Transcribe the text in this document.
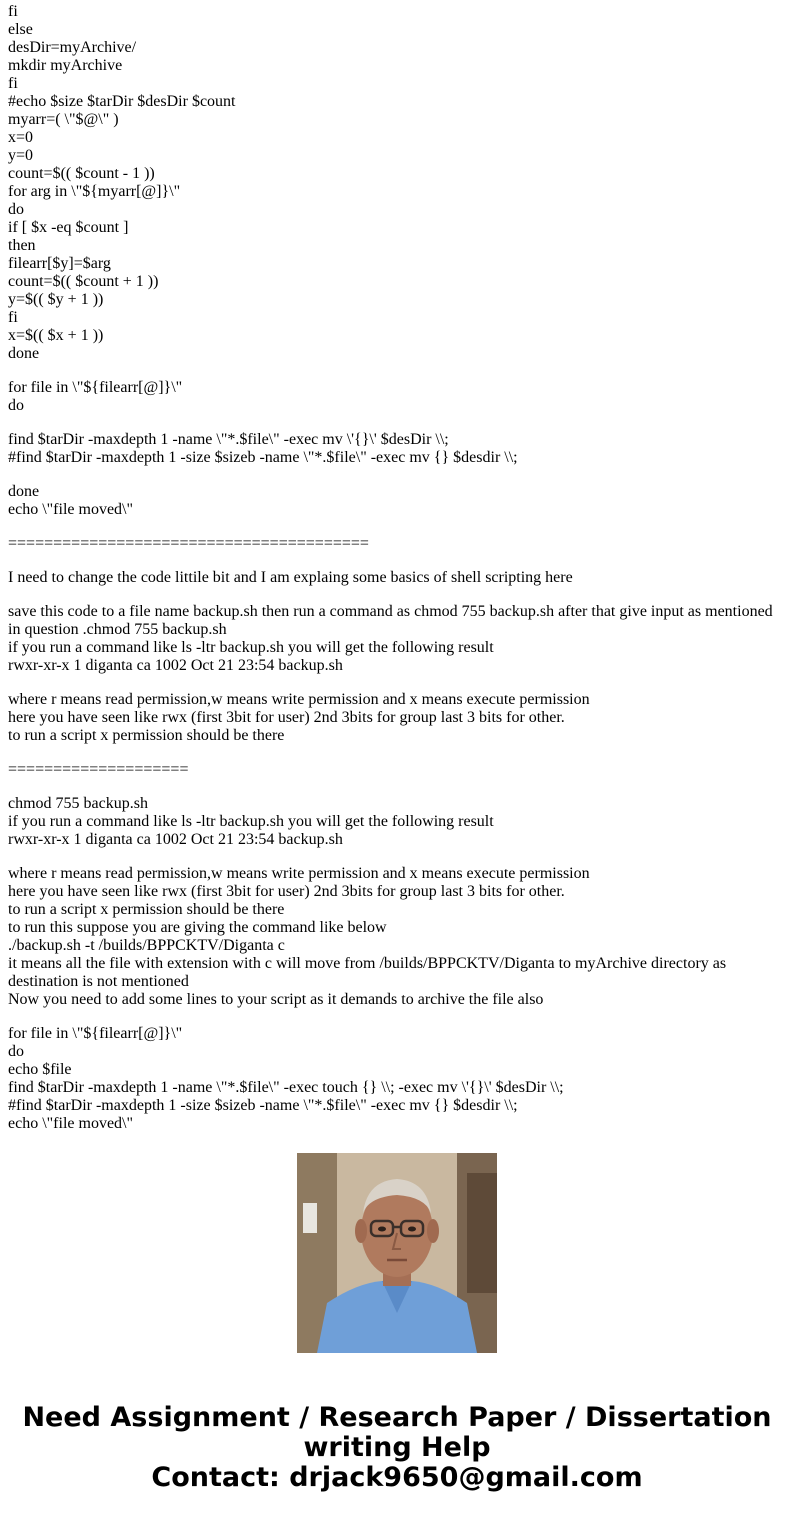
fi
else
desDir=myArchive/
mkdir myArchive
fi
#echo $size $tarDir $desDir $count
myarr=( \"$@\" )
x=0
y=0
count=$(( $count - 1 ))
for arg in \"${myarr[@]}\"
do
if [ $x -eq $count ]
then
filearr[$y]=$arg
count=$(( $count + 1 ))
y=$(( $y + 1 ))
fi
x=$(( $x + 1 ))
done
for file in \"${filearr[@]}\"
do
find $tarDir -maxdepth 1 -name \"*.$file\" -exec mv \'{}\' $desDir \\;
#find $tarDir -maxdepth 1 -size $sizeb -name \"*.$file\" -exec mv {} $desdir \\;
done
echo \"file moved\"
========================================
I need to change the code littile bit and I am explaing some basics of shell scripting here
save this code to a file name backup.sh then run a command as chmod 755 backup.sh after that give input as mentioned in question .chmod 755 backup.sh
if you run a command like ls -ltr backup.sh you will get the following result
rwxr-xr-x 1 diganta ca 1002 Oct 21 23:54 backup.sh
where r means read permission,w means write permission and x means execute permission
here you have seen like rwx (first 3bit for user) 2nd 3bits for group last 3 bits for other.
to run a script x permission should be there
====================
chmod 755 backup.sh
if you run a command like ls -ltr backup.sh you will get the following result
rwxr-xr-x 1 diganta ca 1002 Oct 21 23:54 backup.sh
where r means read permission,w means write permission and x means execute permission
here you have seen like rwx (first 3bit for user) 2nd 3bits for group last 3 bits for other.
to run a script x permission should be there
to run this suppose you are giving the command like below
./backup.sh -t /builds/BPPCKTV/Diganta c
it means all the file with extension with c will move from /builds/BPPCKTV/Diganta to myArchive directory as destination is not mentioned
Now you need to add some lines to your script as it demands to archive the file also
for file in \"${filearr[@]}\"
do
echo $file
find $tarDir -maxdepth 1 -name \"*.$file\" -exec touch {} \\; -exec mv \'{}\' $desDir \\;
#find $tarDir -maxdepth 1 -size $sizeb -name \"*.$file\" -exec mv {} $desdir \\;
echo \"file moved\"
Need Assignment / Research Paper / Dissertation
writing Help
Contact: drjack9650@gmail.com
